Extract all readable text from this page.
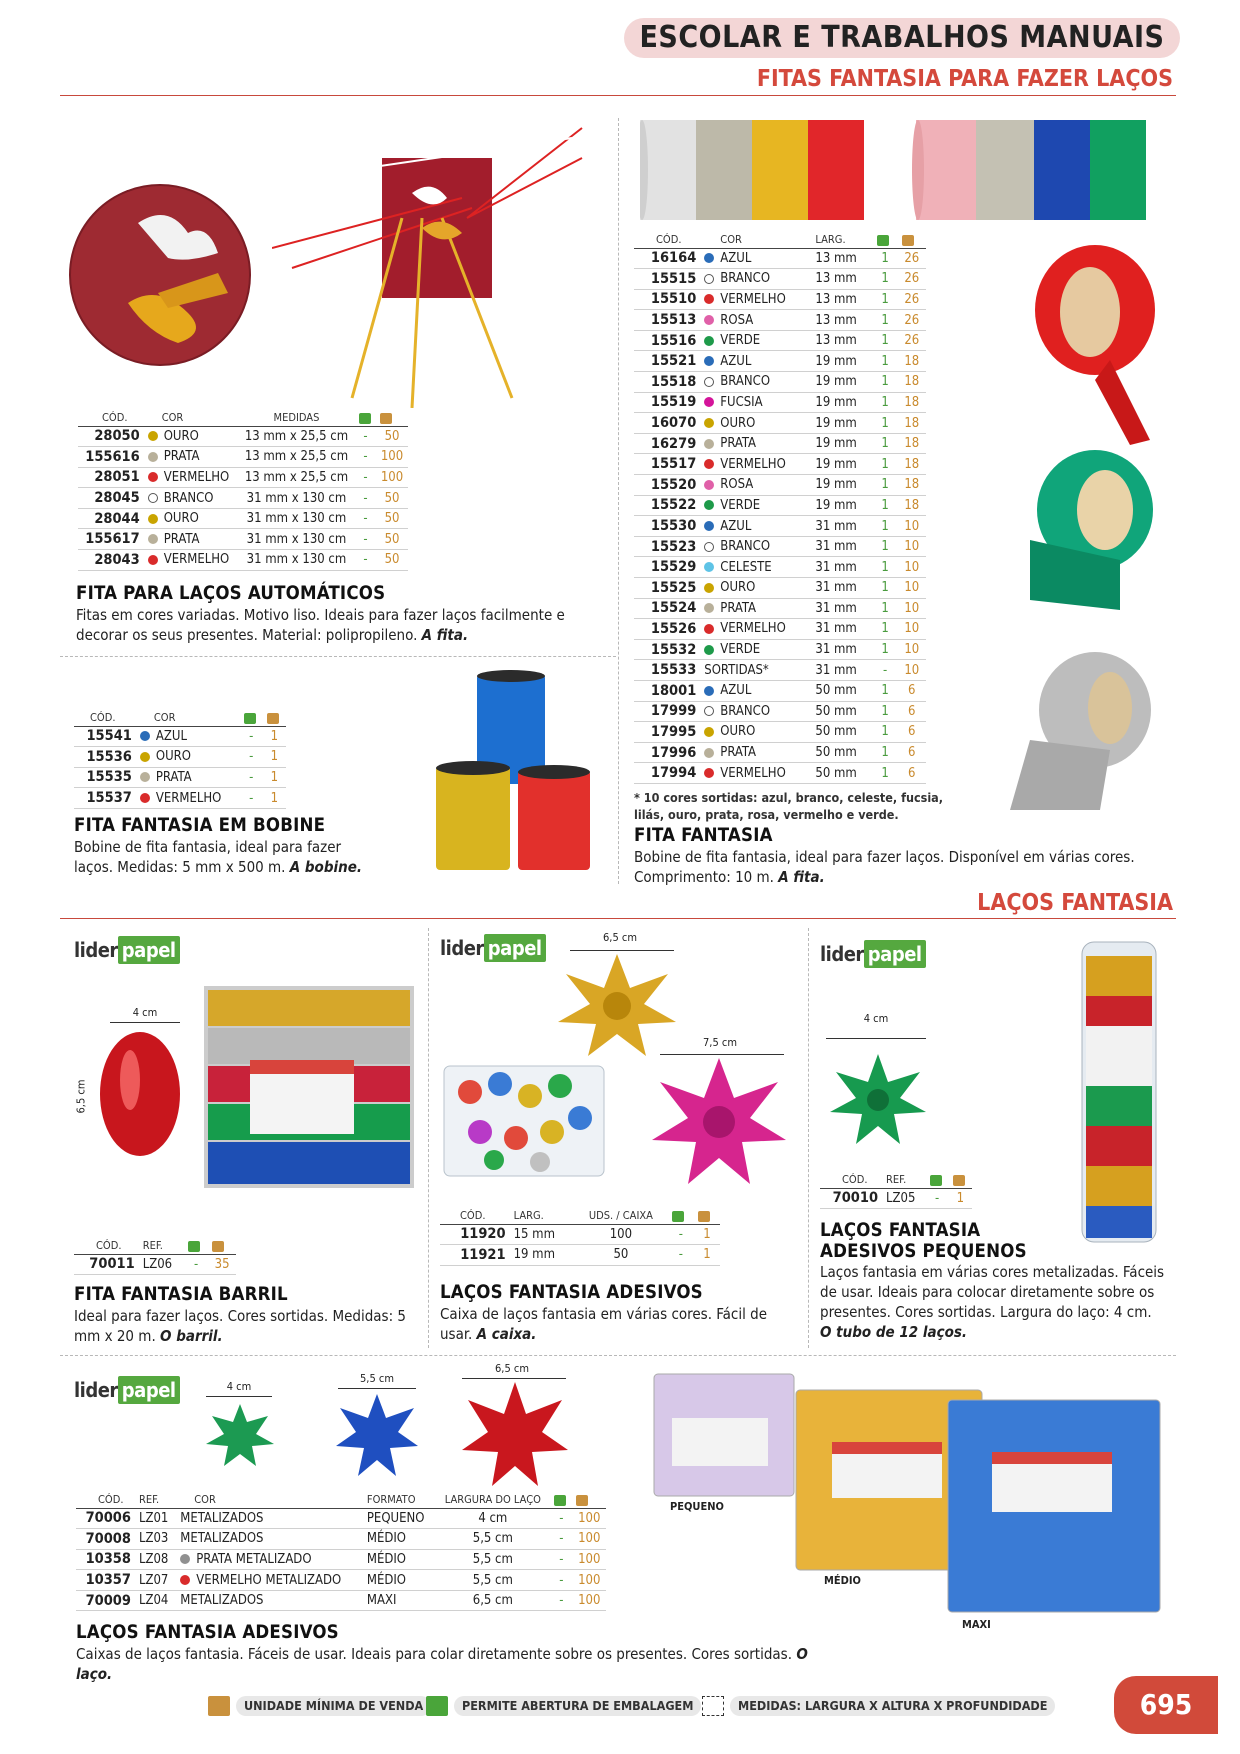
ESCOLAR E TRABALHOS MANUAIS
FITAS FANTASIA PARA FAZER LAÇOS
CÓD.	COR	MEDIDAS		
28050	OURO	13 mm x 25,5 cm	-	50
155616	PRATA	13 mm x 25,5 cm	-	100
28051	VERMELHO	13 mm x 25,5 cm	-	100
28045	BRANCO	31 mm x 130 cm	-	50
28044	OURO	31 mm x 130 cm	-	50
155617	PRATA	31 mm x 130 cm	-	50
28043	VERMELHO	31 mm x 130 cm	-	50
FITA PARA LAÇOS AUTOMÁTICOS
Fitas em cores variadas. Motivo liso. Ideais para fazer laços facilmente e decorar os seus presentes. Material: polipropileno. A fita.
CÓD.	COR		
15541	AZUL	-	1
15536	OURO	-	1
15535	PRATA	-	1
15537	VERMELHO	-	1
FITA FANTASIA EM BOBINE
Bobine de fita fantasia, ideal para fazer laços. Medidas: 5 mm x 500 m. A bobine.
CÓD.	COR	LARG.		
16164	AZUL	13 mm	1	26
15515	BRANCO	13 mm	1	26
15510	VERMELHO	13 mm	1	26
15513	ROSA	13 mm	1	26
15516	VERDE	13 mm	1	26
15521	AZUL	19 mm	1	18
15518	BRANCO	19 mm	1	18
15519	FUCSIA	19 mm	1	18
16070	OURO	19 mm	1	18
16279	PRATA	19 mm	1	18
15517	VERMELHO	19 mm	1	18
15520	ROSA	19 mm	1	18
15522	VERDE	19 mm	1	18
15530	AZUL	31 mm	1	10
15523	BRANCO	31 mm	1	10
15529	CELESTE	31 mm	1	10
15525	OURO	31 mm	1	10
15524	PRATA	31 mm	1	10
15526	VERMELHO	31 mm	1	10
15532	VERDE	31 mm	1	10
15533	SORTIDAS*	31 mm	-	10
18001	AZUL	50 mm	1	6
17999	BRANCO	50 mm	1	6
17995	OURO	50 mm	1	6
17996	PRATA	50 mm	1	6
17994	VERMELHO	50 mm	1	6
* 10 cores sortidas: azul, branco, celeste, fucsia, lilás, ouro, prata, rosa, vermelho e verde.
FITA FANTASIA
Bobine de fita fantasia, ideal para fazer laços. Disponível em várias cores. Comprimento: 10 m. A fita.
LAÇOS FANTASIA
lider papel
4 cm
6,5 cm
CÓD.	REF.		
70011	LZ06	-	35
FITA FANTASIA BARRIL
Ideal para fazer laços. Cores sortidas. Medidas: 5 mm x 20 m. O barril.
lider papel	6,5 cm
7,5 cm
CÓD.	LARG.	UDS. / CAIXA		
11920	15 mm	100	-	1
11921	19 mm	50	-	1
LAÇOS FANTASIA ADESIVOS
Caixa de laços fantasia em várias cores. Fácil de usar. A caixa.
lider papel
4 cm
CÓD.	REF.		
70010	LZ05	-	1
LAÇOS FANTASIA
ADESIVOS PEQUENOS
Laços fantasia em várias cores metalizadas. Fáceis de usar. Ideais para colocar diretamente sobre os presentes. Cores sortidas. Largura do laço: 4 cm.
O tubo de 12 laços.
lider papel	4 cm
5,5 cm
6,5 cm
CÓD.	REF.	COR	FORMATO	LARGURA DO LAÇO		
70006	LZ01	METALIZADOS	PEQUENO	4 cm	-	100
70008	LZ03	METALIZADOS	MÉDIO	5,5 cm	-	100
10358	LZ08	PRATA METALIZADO	MÉDIO	5,5 cm	-	100
10357	LZ07	VERMELHO METALIZADO	MÉDIO	5,5 cm	-	100
70009	LZ04	METALIZADOS	MAXI	6,5 cm	-	100
LAÇOS FANTASIA ADESIVOS
Caixas de laços fantasia. Fáceis de usar. Ideais para colar diretamente sobre os presentes. Cores sortidas. O laço.
PEQUENO
MÉDIO
MAXI
UNIDADE MÍNIMA DE VENDA	PERMITE ABERTURA DE EMBALAGEM	MEDIDAS: LARGURA X ALTURA X PROFUNDIDADE	695
